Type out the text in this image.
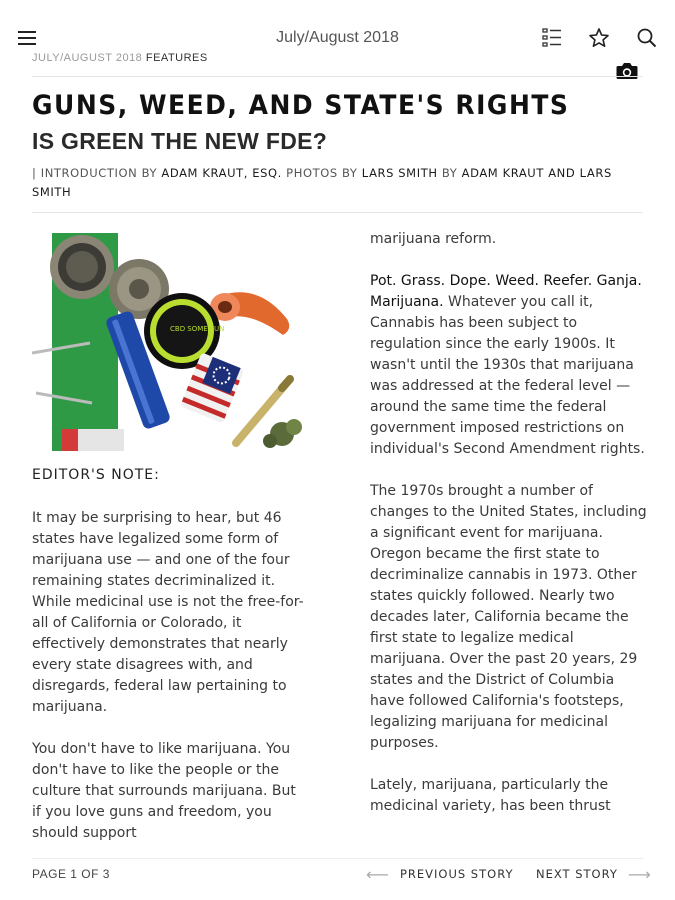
July/August 2018
JULY/AUGUST 2018 FEATURES
GUNS, WEED, AND STATE'S RIGHTS
IS GREEN THE NEW FDE?
| INTRODUCTION BY ADAM KRAUT, ESQ. PHOTOS BY LARS SMITH BY ADAM KRAUT AND LARS SMITH
CBD SOME FUN
EDITOR'S NOTE:

It may be surprising to hear, but 46 states have legalized some form of marijuana use — and one of the four remaining states decriminalized it. While medicinal use is not the free-for-all of California or Colorado, it effectively demonstrates that nearly every state disagrees with, and disregards, federal law pertaining to marijuana.

You don't have to like marijuana. You don't have to like the people or the culture that surrounds marijuana. But if you love guns and freedom, you should support

marijuana reform.

Pot. Grass. Dope. Weed. Reefer. Ganja. Marijuana. Whatever you call it, Cannabis has been subject to regulation since the early 1900s. It wasn't until the 1930s that marijuana was addressed at the federal level — around the same time the federal government imposed restrictions on individual's Second Amendment rights.

The 1970s brought a number of changes to the United States, including a significant event for marijuana. Oregon became the first state to decriminalize cannabis in 1973. Other states quickly followed. Nearly two decades later, California became the first state to legalize medical marijuana. Over the past 20 years, 29 states and the District of Columbia have followed California's footsteps, legalizing marijuana for medicinal purposes.

Lately, marijuana, particularly the medicinal variety, has been thrust

PAGE 1 OF 3	⟵ PREVIOUS STORY NEXT STORY ⟶
